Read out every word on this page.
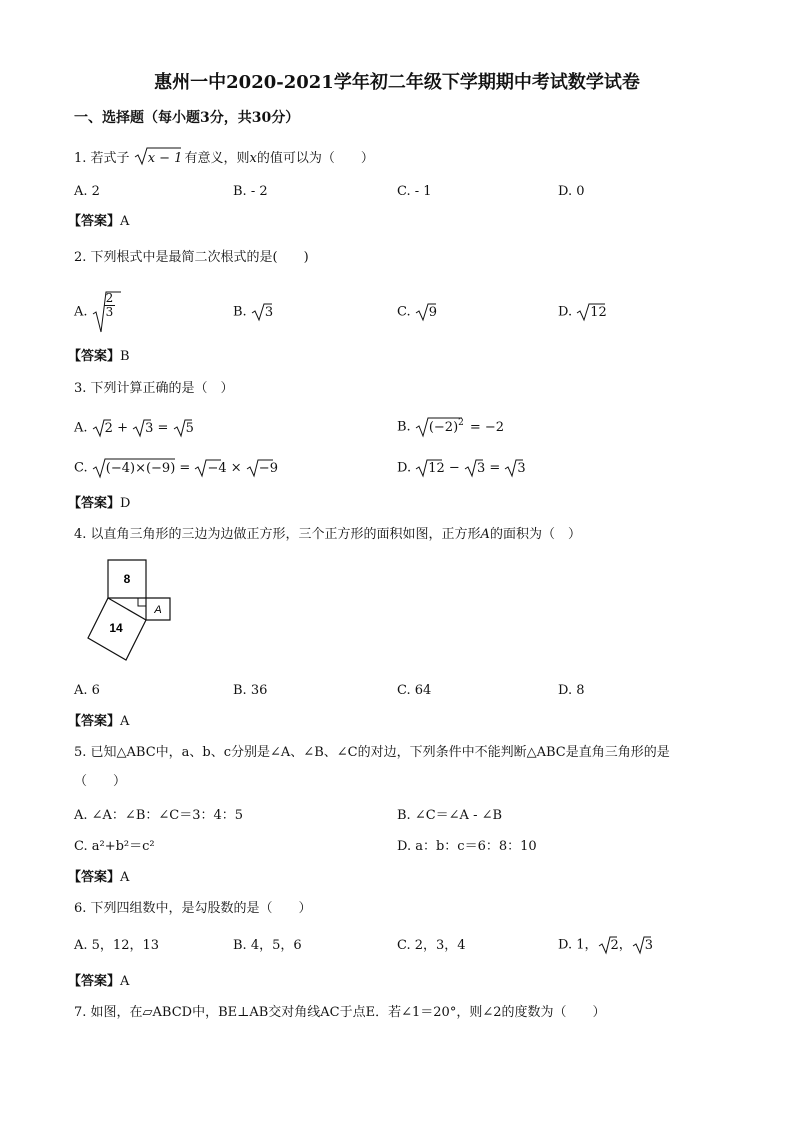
惠州一中2020-2021学年初二年级下学期期中考试数学试卷
一、选择题（每小题3分，共30分）
1. 若式子 x − 1 有意义，则x的值可以为（　　）
A. 2	B. - 2	C. - 1	D. 0
【答案】A
2. 下列根式中是最简二次根式的是(　　)
A. $\frac{2}{3}$	B. 3	C. 9	D. 12
【答案】B
3. 下列计算正确的是（　）
A. 2 + 3 = 5	B. $(-2)^2 = -2$
C. (−4)×(−9) = −4 × −9	D. 12 − 3 = 3
【答案】D
4. 以直角三角形的三边为边做正方形，三个正方形的面积如图，正方形A的面积为（　）
8
A
14
A. 6	B. 36	C. 64	D. 8
【答案】A
5. 已知△ABC中，a、b、c分别是∠A、∠B、∠C的对边，下列条件中不能判断△ABC是直角三角形的是
（　　）
A. ∠A：∠B：∠C＝3：4：5	B. ∠C＝∠A - ∠B
C. a²+b²＝c²	D. a：b：c＝6：8：10
【答案】A
6. 下列四组数中，是勾股数的是（　　）
A. 5，12，13	B. 4，5，6	C. 2，3，4	D. 1， 2， 3
【答案】A
7. 如图，在▱ABCD中，BE⊥AB交对角线AC于点E．若∠1＝20°，则∠2的度数为（　　）
